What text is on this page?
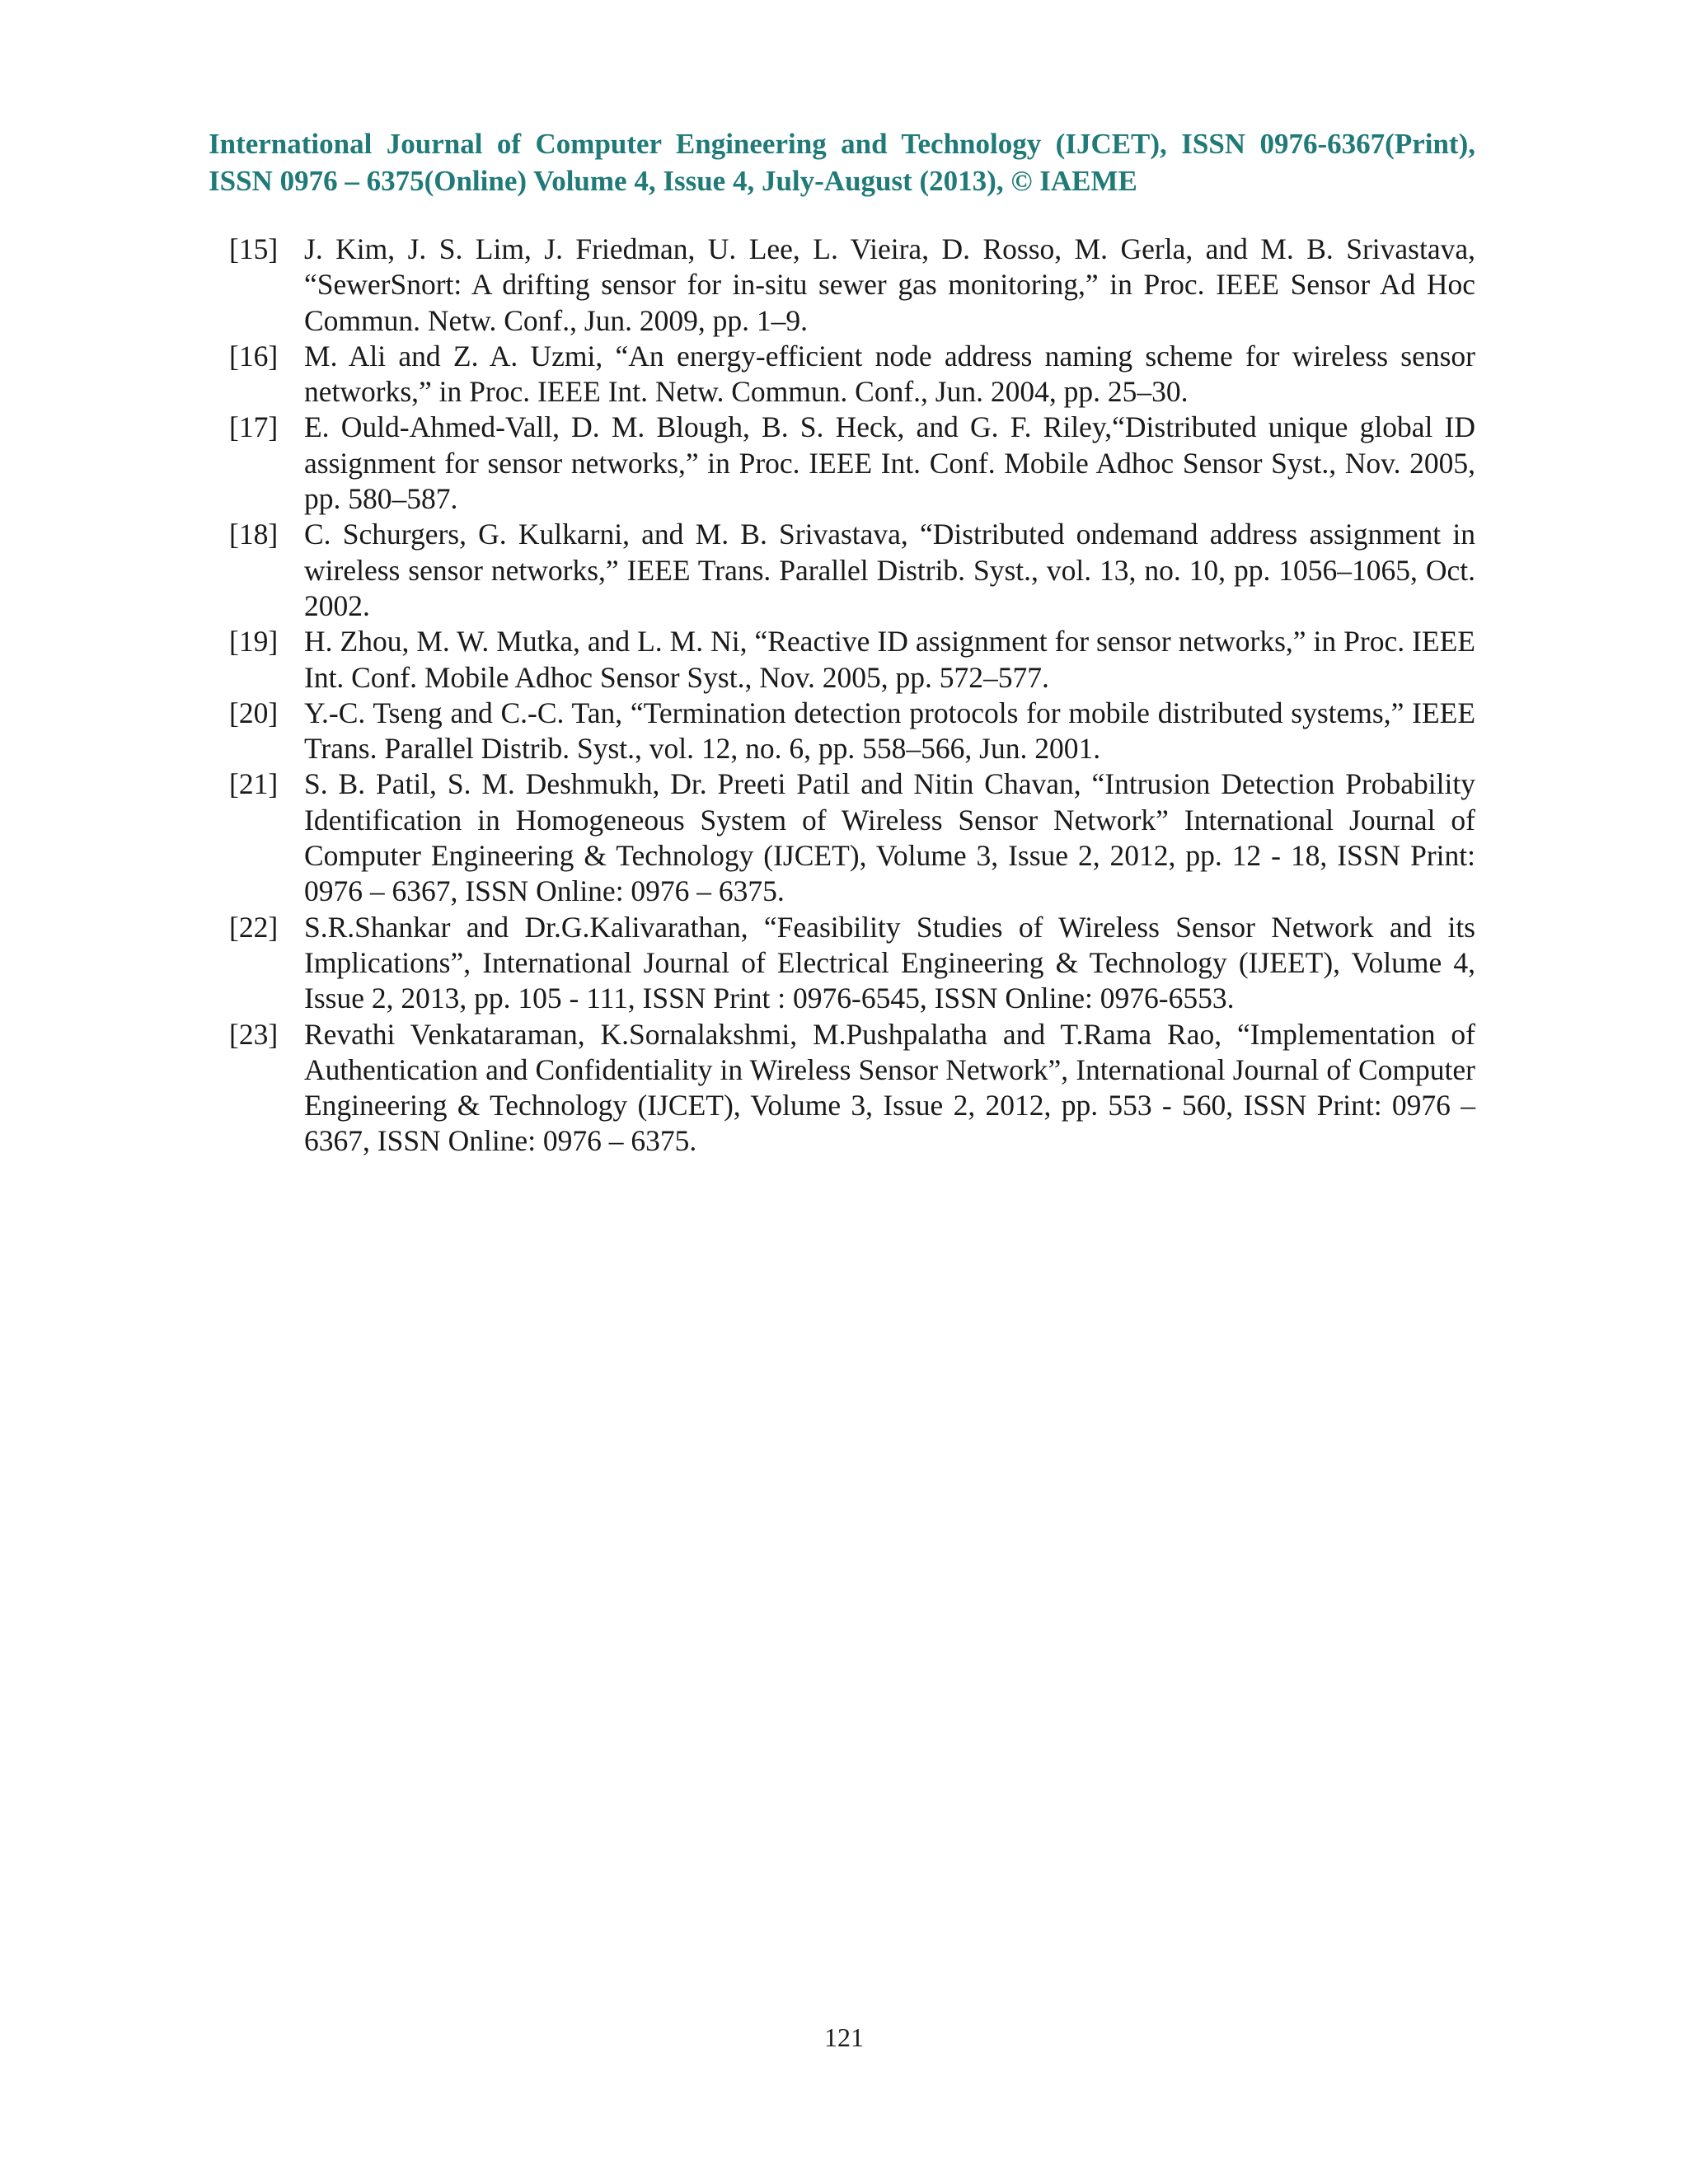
International Journal of Computer Engineering and Technology (IJCET), ISSN 0976-6367(Print), ISSN 0976 – 6375(Online) Volume 4, Issue 4, July-August (2013), © IAEME
[15] J. Kim, J. S. Lim, J. Friedman, U. Lee, L. Vieira, D. Rosso, M. Gerla, and M. B. Srivastava, “SewerSnort: A drifting sensor for in-situ sewer gas monitoring,” in Proc. IEEE Sensor Ad Hoc Commun. Netw. Conf., Jun. 2009, pp. 1–9.
[16] M. Ali and Z. A. Uzmi, “An energy-efficient node address naming scheme for wireless sensor networks,” in Proc. IEEE Int. Netw. Commun. Conf., Jun. 2004, pp. 25–30.
[17] E. Ould-Ahmed-Vall, D. M. Blough, B. S. Heck, and G. F. Riley,“Distributed unique global ID assignment for sensor networks,” in Proc. IEEE Int. Conf. Mobile Adhoc Sensor Syst., Nov. 2005, pp. 580–587.
[18] C. Schurgers, G. Kulkarni, and M. B. Srivastava, “Distributed ondemand address assignment in wireless sensor networks,” IEEE Trans. Parallel Distrib. Syst., vol. 13, no. 10, pp. 1056–1065, Oct. 2002.
[19] H. Zhou, M. W. Mutka, and L. M. Ni, “Reactive ID assignment for sensor networks,” in Proc. IEEE Int. Conf. Mobile Adhoc Sensor Syst., Nov. 2005, pp. 572–577.
[20] Y.-C. Tseng and C.-C. Tan, “Termination detection protocols for mobile distributed systems,” IEEE Trans. Parallel Distrib. Syst., vol. 12, no. 6, pp. 558–566, Jun. 2001.
[21] S. B. Patil, S. M. Deshmukh, Dr. Preeti Patil and Nitin Chavan, “Intrusion Detection Probability Identification in Homogeneous System of Wireless Sensor Network” International Journal of Computer Engineering & Technology (IJCET), Volume 3, Issue 2, 2012, pp. 12 - 18, ISSN Print: 0976 – 6367, ISSN Online: 0976 – 6375.
[22] S.R.Shankar and Dr.G.Kalivarathan, “Feasibility Studies of Wireless Sensor Network and its Implications”, International Journal of Electrical Engineering & Technology (IJEET), Volume 4, Issue 2, 2013, pp. 105 - 111, ISSN Print : 0976-6545, ISSN Online: 0976-6553.
[23] Revathi Venkataraman, K.Sornalakshmi, M.Pushpalatha and T.Rama Rao, “Implementation of Authentication and Confidentiality in Wireless Sensor Network”, International Journal of Computer Engineering & Technology (IJCET), Volume 3, Issue 2, 2012, pp. 553 - 560, ISSN Print: 0976 – 6367, ISSN Online: 0976 – 6375.
121
